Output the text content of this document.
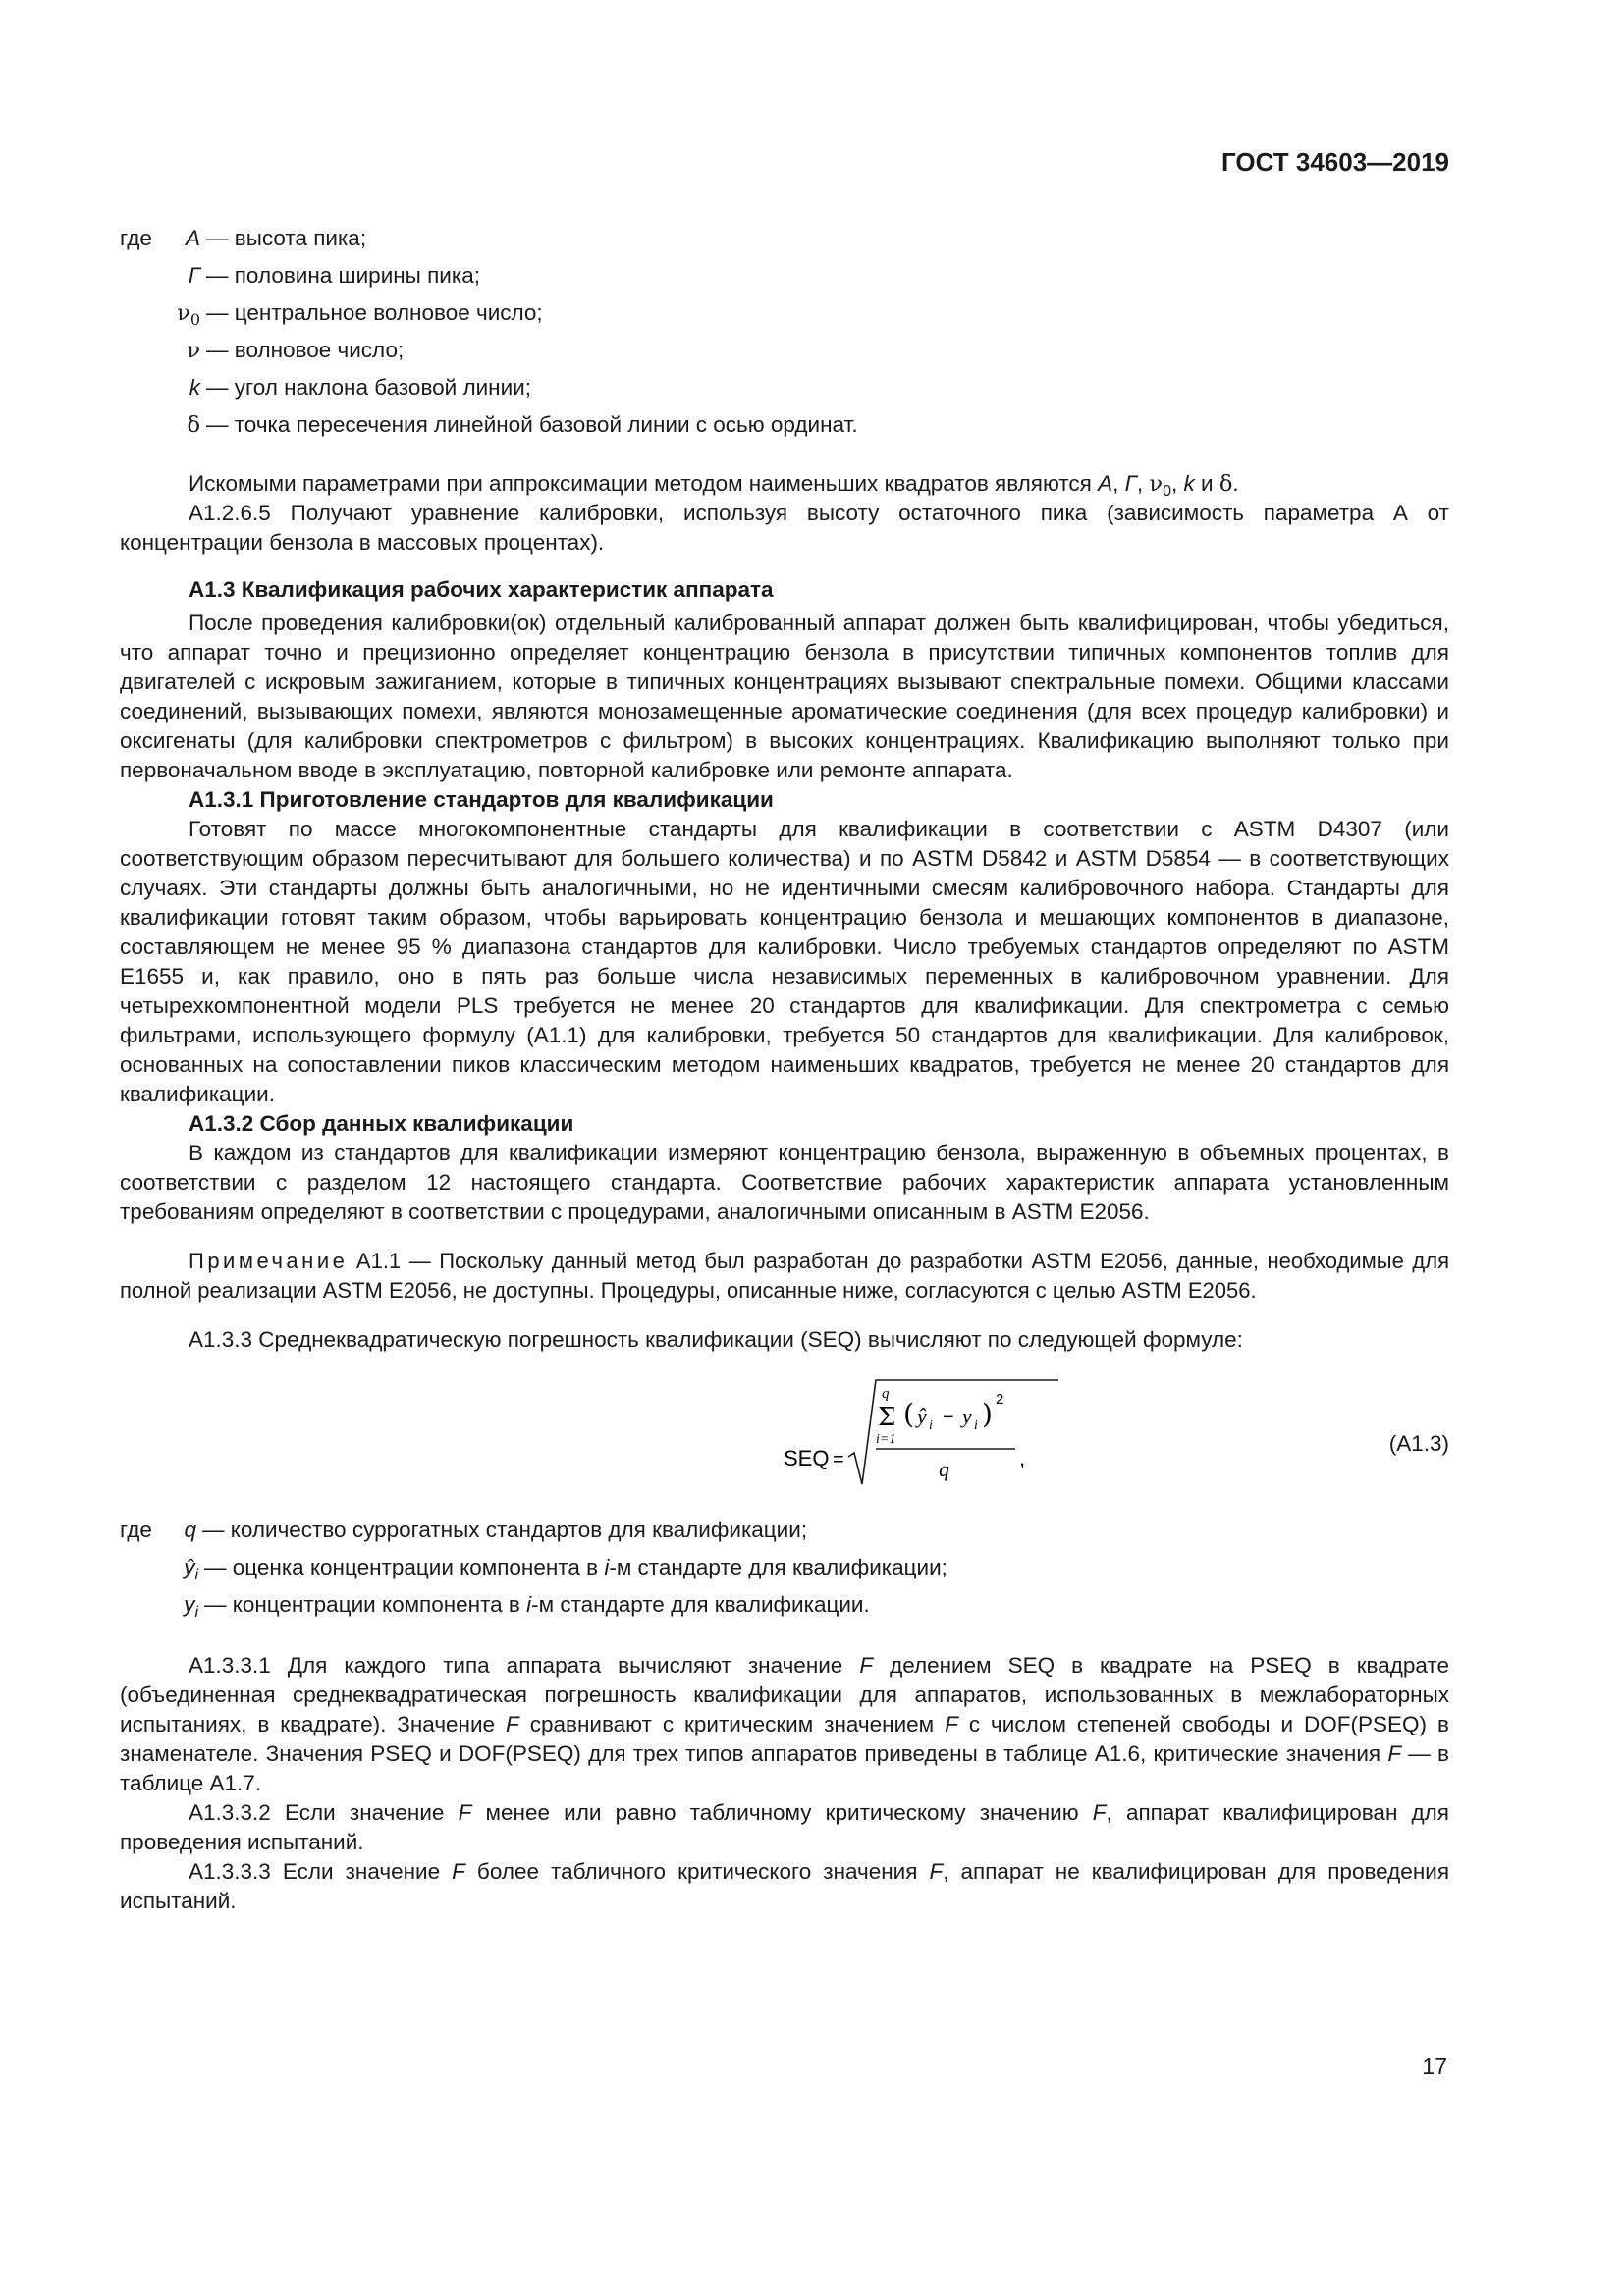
ГОСТ 34603—2019
где	A — высота пика;
Г — половина ширины пика;
$\nu_0$ — центральное волновое число;
ν — волновое число;
k — угол наклона базовой линии;
δ — точка пересечения линейной базовой линии с осью ординат.

Искомыми параметрами при аппроксимации методом наименьших квадратов являются A, Г, $\nu_0$, k и δ.

А1.2.6.5 Получают уравнение калибровки, используя высоту остаточного пика (зависимость параметра А от концентрации бензола в массовых процентах).

А1.3 Квалификация рабочих характеристик аппарата

После проведения калибровки(ок) отдельный калиброванный аппарат должен быть квалифицирован, чтобы убедиться, что аппарат точно и прецизионно определяет концентрацию бензола в присутствии типичных компонентов топлив для двигателей с искровым зажиганием, которые в типичных концентрациях вызывают спектральные помехи. Общими классами соединений, вызывающих помехи, являются монозамещенные ароматические соединения (для всех процедур калибровки) и оксигенаты (для калибровки спектрометров с фильтром) в высоких концентрациях. Квалификацию выполняют только при первоначальном вводе в эксплуатацию, повторной калибровке или ремонте аппарата.

А1.3.1 Приготовление стандартов для квалификации

Готовят по массе многокомпонентные стандарты для квалификации в соответствии с ASTM D4307 (или соответствующим образом пересчитывают для большего количества) и по ASTM D5842 и ASTM D5854 — в соответствующих случаях. Эти стандарты должны быть аналогичными, но не идентичными смесям калибровочного набора. Стандарты для квалификации готовят таким образом, чтобы варьировать концентрацию бензола и мешающих компонентов в диапазоне, составляющем не менее 95 % диапазона стандартов для калибровки. Число требуемых стандартов определяют по ASTM E1655 и, как правило, оно в пять раз больше числа независимых переменных в калибровочном уравнении. Для четырехкомпонентной модели PLS требуется не менее 20 стандартов для квалификации. Для спектрометра с семью фильтрами, использующего формулу (А1.1) для калибровки, требуется 50 стандартов для квалификации. Для калибровок, основанных на сопоставлении пиков классическим методом наименьших квадратов, требуется не менее 20 стандартов для квалификации.

А1.3.2 Сбор данных квалификации

В каждом из стандартов для квалификации измеряют концентрацию бензола, выраженную в объемных процентах, в соответствии с разделом 12 настоящего стандарта. Соответствие рабочих характеристик аппарата установленным требованиям определяют в соответствии с процедурами, аналогичными описанным в ASTM E2056.

Примечание А1.1 — Поскольку данный метод был разработан до разработки ASTM E2056, данные, необходимые для полной реализации ASTM E2056, не доступны. Процедуры, описанные ниже, согласуются с целью ASTM E2056.

А1.3.3 Среднеквадратическую погрешность квалификации (SEQ) вычисляют по следующей формуле:

SEQ =
q
Σ
i=1
( ŷ i − y i ) 2
q	,
(А1.3)
где	q — количество суррогатных стандартов для квалификации;
$ŷ_i$ — оценка концентрации компонента в i-м стандарте для квалификации;
$y_i$ — концентрации компонента в i-м стандарте для квалификации.

А1.3.3.1 Для каждого типа аппарата вычисляют значение F делением SEQ в квадрате на PSEQ в квадрате (объединенная среднеквадратическая погрешность квалификации для аппаратов, использованных в межлабораторных испытаниях, в квадрате). Значение F сравнивают с критическим значением F с числом степеней свободы и DOF(PSEQ) в знаменателе. Значения PSEQ и DOF(PSEQ) для трех типов аппаратов приведены в таблице А1.6, критические значения F — в таблице А1.7.

А1.3.3.2 Если значение F менее или равно табличному критическому значению F, аппарат квалифицирован для проведения испытаний.

А1.3.3.3 Если значение F более табличного критического значения F, аппарат не квалифицирован для проведения испытаний.

17
